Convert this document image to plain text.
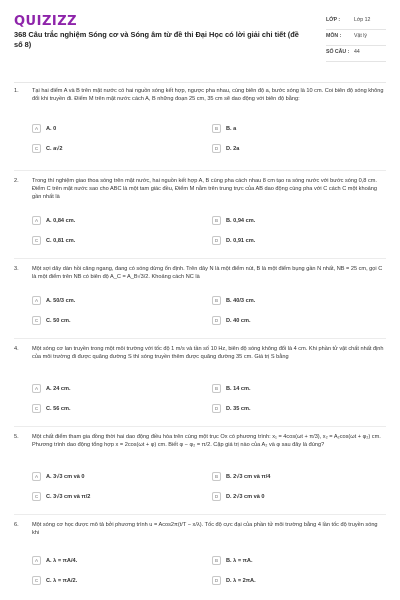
QUIZIZZ
368 Câu trắc nghiệm Sóng cơ và Sóng âm từ đề thi Đại Học có lời giải chi tiết (đề số 8)
LỚP :	Lớp 12
MÔN :	Vật lý
SỐ CÂU : 44
1. Tại hai điểm A và B trên mặt nước có hai nguồn sóng kết hợp, ngược pha nhau, cùng biên độ a, bước sóng là 10 cm. Coi biên độ sóng không đổi khi truyền đi. Điểm M trên mặt nước cách A, B những đoạn 25 cm, 35 cm sẽ dao động với biên độ bằng:
A	A. 0	B	B. a
C	C. a√2	D	D. 2a
2. Trong thí nghiệm giao thoa sóng trên mặt nước, hai nguồn kết hợp A, B cùng pha cách nhau 8 cm tạo ra sóng nước với bước sóng 0,8 cm. Điểm C trên mặt nước sao cho ABC là một tam giác đều, Điểm M nằm trên trung trực của AB dao động cùng pha với C cách C một khoảng gần nhất là
A	A. 0,84 cm.	B	B. 0,94 cm.
C	C. 0,81 cm.	D	D. 0,91 cm.
3. Một sợi dây dàn hồi căng ngang, đang có sóng dừng ổn định. Trên dây N là một điểm nút, B là một điểm bụng gần N nhất, NB = 25 cm, gọi C là một điểm trên NB có biên độ A_C = A_B√3/2. Khoảng cách NC là
A	A. 50/3 cm.	B	B. 40/3 cm.
C	C. 50 cm.	D	D. 40 cm.
4. Một sóng cơ lan truyền trong một môi trường với tốc độ 1 m/s và tần số 10 Hz, biên độ sóng không đổi là 4 cm. Khi phần tử vật chất nhất định của môi trường đi được quãng đường S thì sóng truyền thêm được quãng đường 35 cm. Giá trị S bằng
A	A. 24 cm.	B	B. 14 cm.
C	C. 56 cm.	D	D. 35 cm.
5. Một chất điểm tham gia đồng thời hai dao động điều hòa trên cùng một trục Ox có phương trình: x₁ = 4cos(ωt + π/3), x₂ = A₂cos(ωt + φ₂) cm. Phương trình dao động tổng hợp x = 2cos(ωt + φ) cm. Biết φ − φ₂ = π/2. Cặp giá trị nào của A₂ và φ sau đây là đúng?
A	A. 3√3 cm và 0	B	B. 2√3 cm và π/4
C	C. 3√3 cm và π/2	D	D. 2√3 cm và 0
6. Một sóng cơ học được mô tả bởi phương trình u = Acos2π(t/T − x/λ). Tốc độ cực đại của phần tử môi trường bằng 4 lần tốc độ truyền sóng khi
A	A. λ = πA/4.	B	B. λ = πA.
C	C. λ = πA/2.	D	D. λ = 2πA.
